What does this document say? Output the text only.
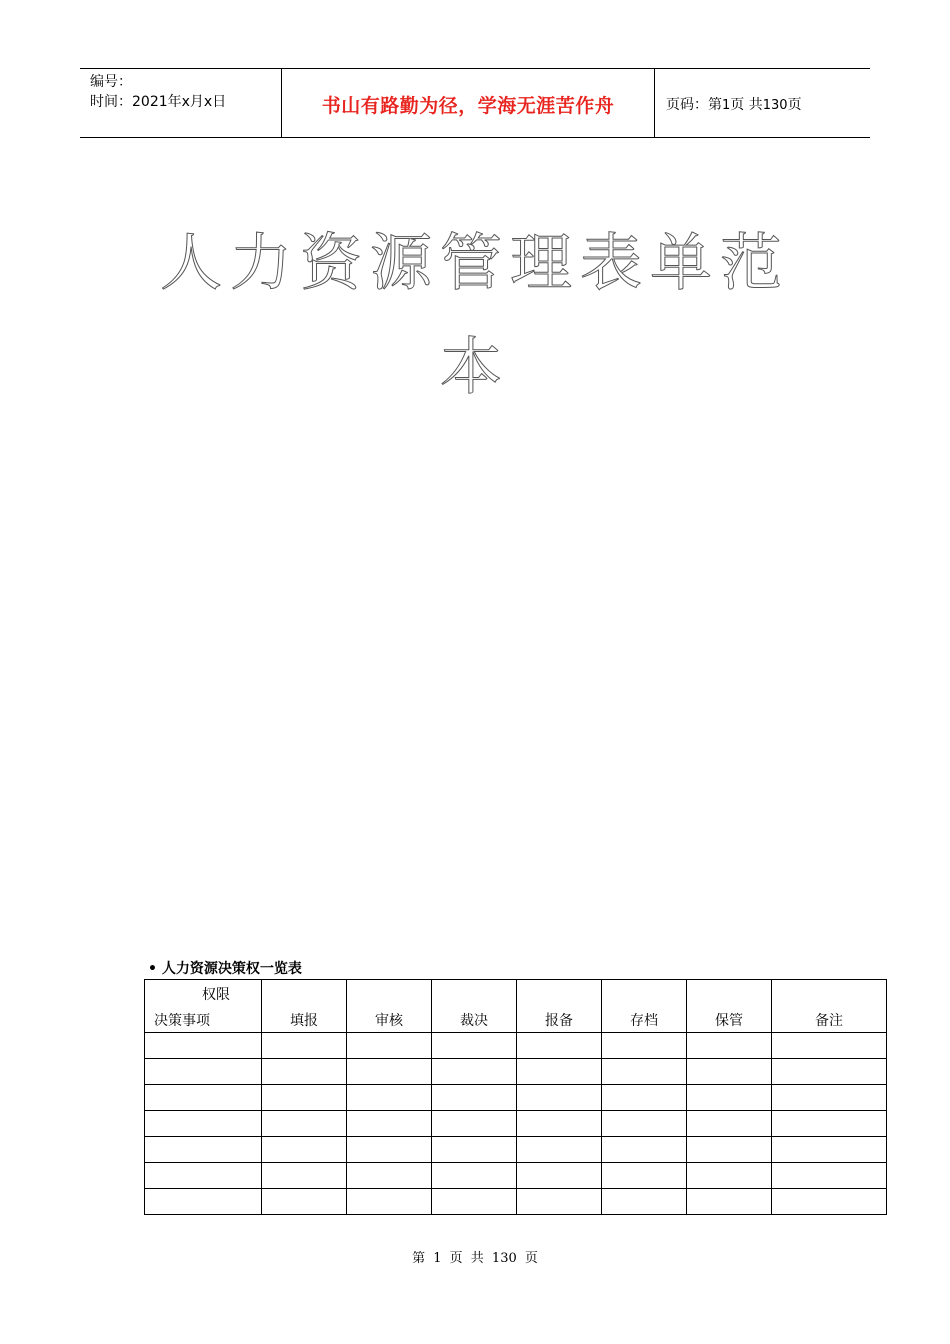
编号：
时间：2021年x月x日	书山有路勤为径，学海无涯苦作舟	页码：第1页 共130页
人力资源管理表单范
本
• 人力资源决策权一览表
权限
决策事项	填报	审核	裁决	报备	存档	保管	备注

第 1 页 共 130 页
